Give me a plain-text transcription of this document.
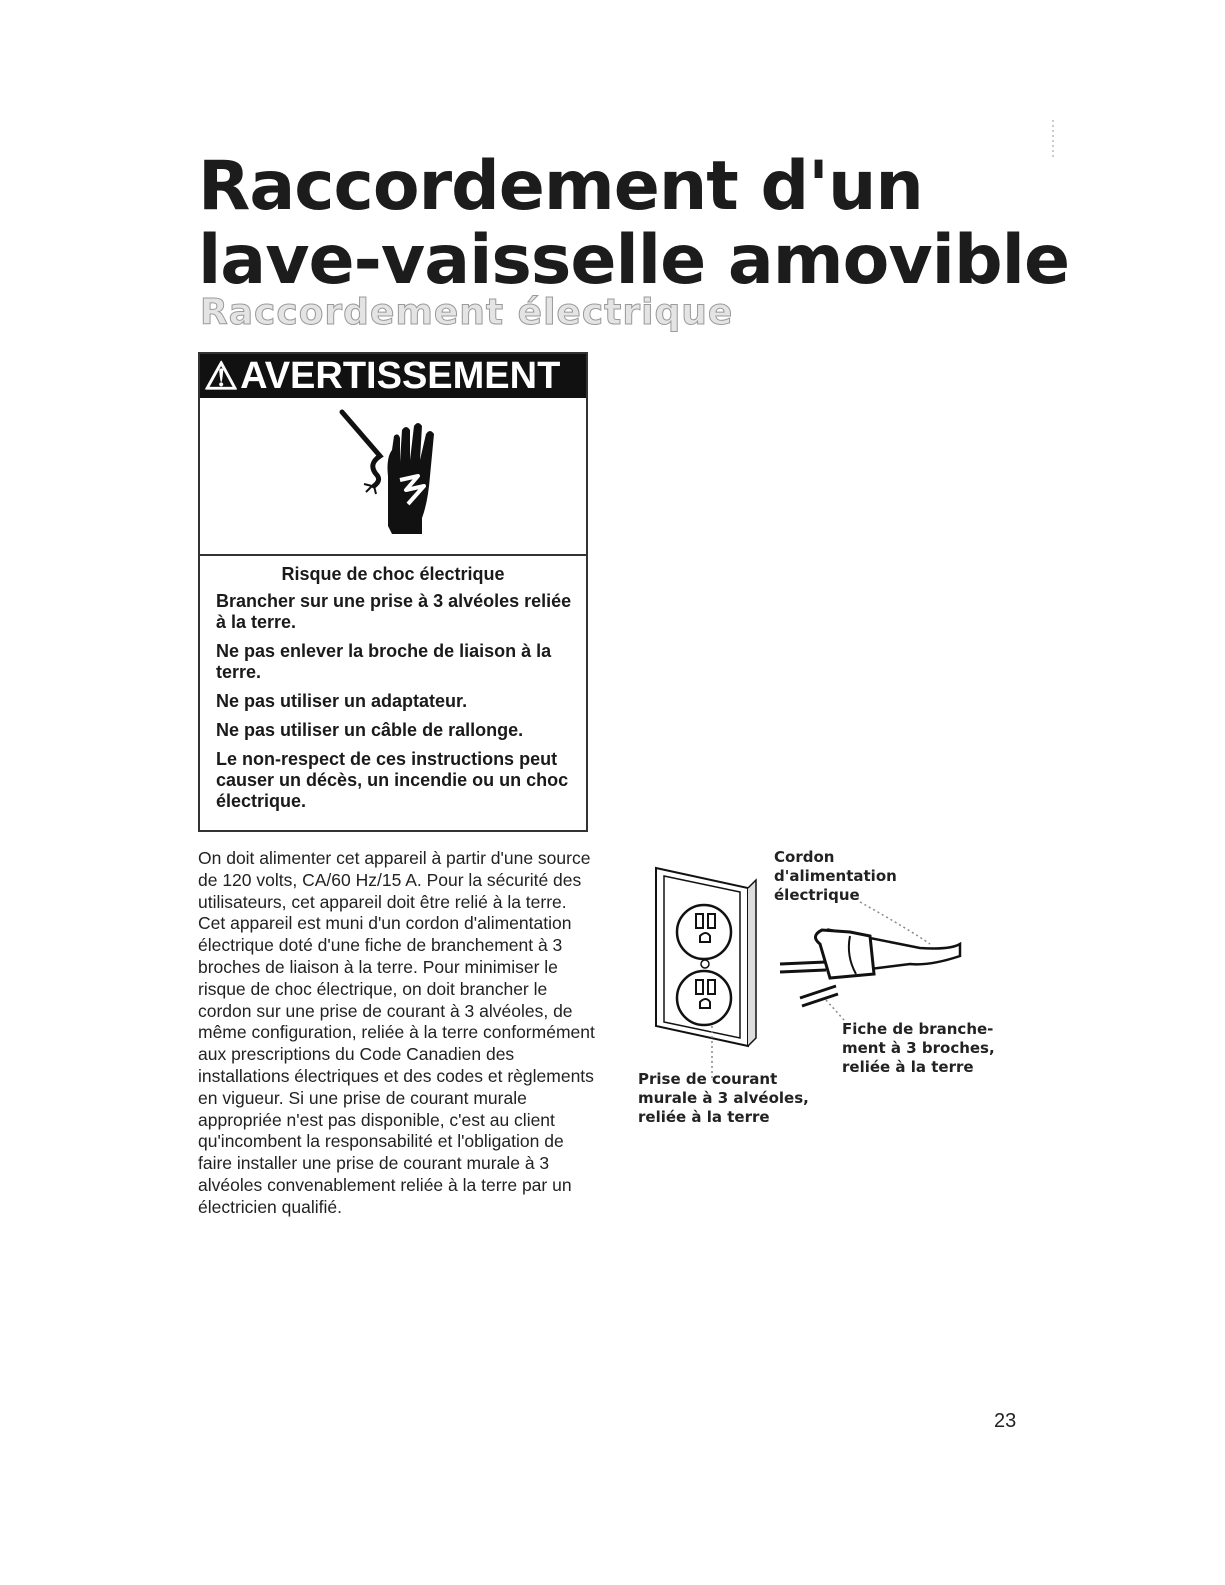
Raccordement d'un
lave-vaisselle amovible
Raccordement électrique
⚠ AVERTISSEMENT

Risque de choc électrique

Brancher sur une prise à 3 alvéoles reliée à la terre.

Ne pas enlever la broche de liaison à la terre.

Ne pas utiliser un adaptateur.

Ne pas utiliser un câble de rallonge.

Le non-respect de ces instructions peut causer un décès, un incendie ou un choc électrique.

On doit alimenter cet appareil à partir d'une source de 120 volts, CA/60 Hz/15 A. Pour la sécurité des utilisateurs, cet appareil doit être relié à la terre. Cet appareil est muni d'un cordon d'alimentation électrique doté d'une fiche de branchement à 3 broches de liaison à la terre. Pour minimiser le risque de choc électrique, on doit brancher le cordon sur une prise de courant à 3 alvéoles, de même configuration, reliée à la terre conformément aux prescriptions du Code Canadien des installations électriques et des codes et règlements en vigueur. Si une prise de courant murale appropriée n'est pas disponible, c'est au client qu'incombent la responsabilité et l'obligation de faire installer une prise de courant murale à 3 alvéoles convenablement reliée à la terre par un électricien qualifié.

Cordon
d'alimentation
électrique
Fiche de branche-
ment à 3 broches,
reliée à la terre
Prise de courant
murale à 3 alvéoles,
reliée à la terre
23
